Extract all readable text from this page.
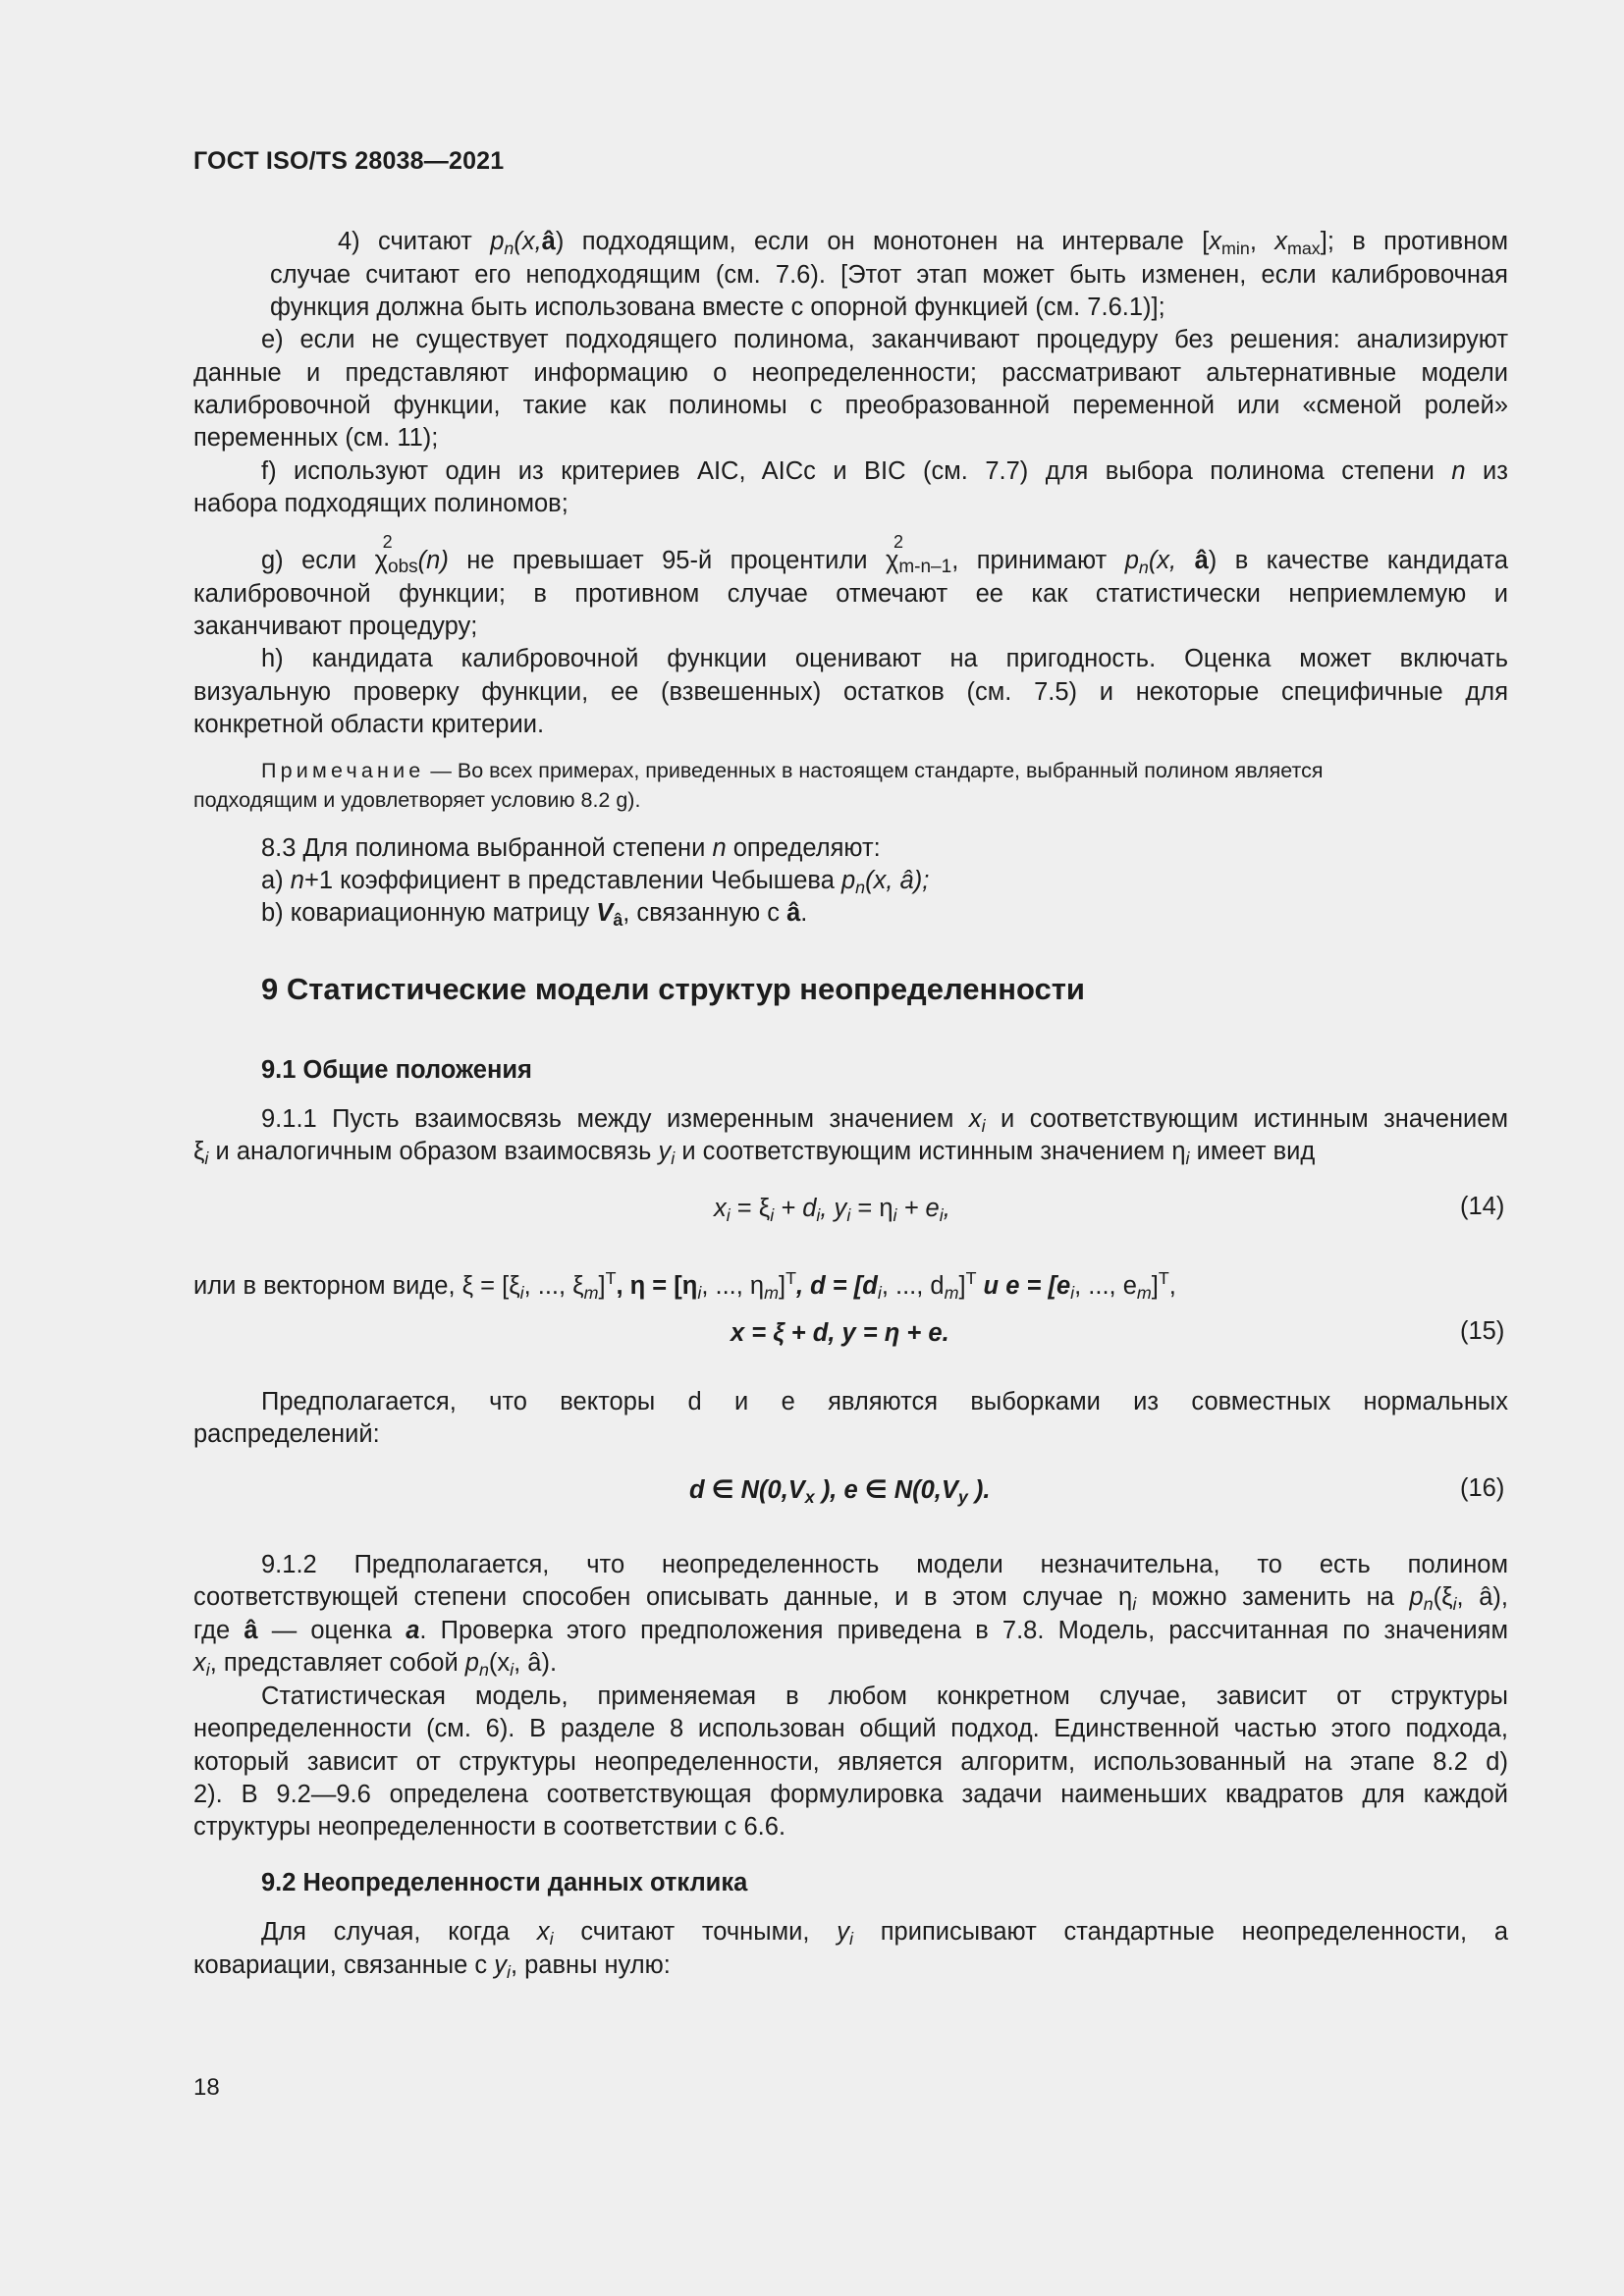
ГОСТ ISO/TS 28038—2021
4) считают $p_n(x,â)$ подходящим, если он монотонен на интервале [$x_{min}$, $x_{max}$]; в противном
случае считают его неподходящим (см. 7.6). [Этот этап может быть изменен, если калибровочная
функция должна быть использована вместе с опорной функцией (см. 7.6.1)];
e) если не существует подходящего полинома, заканчивают процедуру без решения: анализируют
данные и представляют информацию о неопределенности; рассматривают альтернативные модели
калибровочной функции, такие как полиномы с преобразованной переменной или «сменой ролей»
переменных (см. 11);
f) используют один из критериев AIC, AICc и BIC (см. 7.7) для выбора полинома степени n из
набора подходящих полиномов;
g) если χ
2
obs(n) не превышает 95-й процентили χ
2
m-n–1, принимают $p_n(x$, â) в качестве кандидата
калибровочной функции; в противном случае отмечают ее как статистически неприемлемую и
заканчивают процедуру;
h) кандидата калибровочной функции оценивают на пригодность. Оценка может включать
визуальную проверку функции, ее (взвешенных) остатков (см. 7.5) и некоторые специфичные для
конкретной области критерии.
Примечание — Во всех примерах, приведенных в настоящем стандарте, выбранный полином является
подходящим и удовлетворяет условию 8.2 g).
8.3 Для полинома выбранной степени n определяют:
a) n+1 коэффициент в представлении Чебышева $p_n(x$, â);
b) ковариационную матрицу $V_â$, связанную с â.
9 Статистические модели структур неопределенности
9.1 Общие положения
9.1.1 Пусть взаимосвязь между измеренным значением $x_i$ и соответствующим истинным значением
$\xi_i$ и аналогичным образом взаимосвязь $y_i$ и соответствующим истинным значением $\eta_i$ имеет вид
$x_i = \xi_i + d_i$, $y_i = \eta_i + e_i$,	(14)
или в векторном виде, $\xi = [\xi_i$, ..., $\xi_m]^T$, $\eta = [\eta_i$, ..., $\eta_m]^T$, $d = [d_i$, ..., $d_m]^T$ и $e = [e_i$, ..., $e_m]^T$,
x = ξ + d, y = η + e.	(15)
Предполагается, что векторы d и e являются выборками из совместных нормальных
распределений:
d ∈ $N(0,V_x$ ), e ∈ $N(0,V_y$ ).	(16)
9.1.2 Предполагается, что неопределенность модели незначительна, то есть полином
соответствующей степени способен описывать данные, и в этом случае $\eta_i$ можно заменить на $p_n(\xi_i$, â),
где â — оценка a. Проверка этого предположения приведена в 7.8. Модель, рассчитанная по значениям
$x_i$, представляет собой $p_n(x_i$, â).
Статистическая модель, применяемая в любом конкретном случае, зависит от структуры
неопределенности (см. 6). В разделе 8 использован общий подход. Единственной частью этого подхода,
который зависит от структуры неопределенности, является алгоритм, использованный на этапе 8.2 d)
2). В 9.2—9.6 определена соответствующая формулировка задачи наименьших квадратов для каждой
структуры неопределенности в соответствии с 6.6.
9.2 Неопределенности данных отклика
Для случая, когда $x_i$ считают точными, $y_i$ приписывают стандартные неопределенности, а
ковариации, связанные с $y_i$, равны нулю:
18
